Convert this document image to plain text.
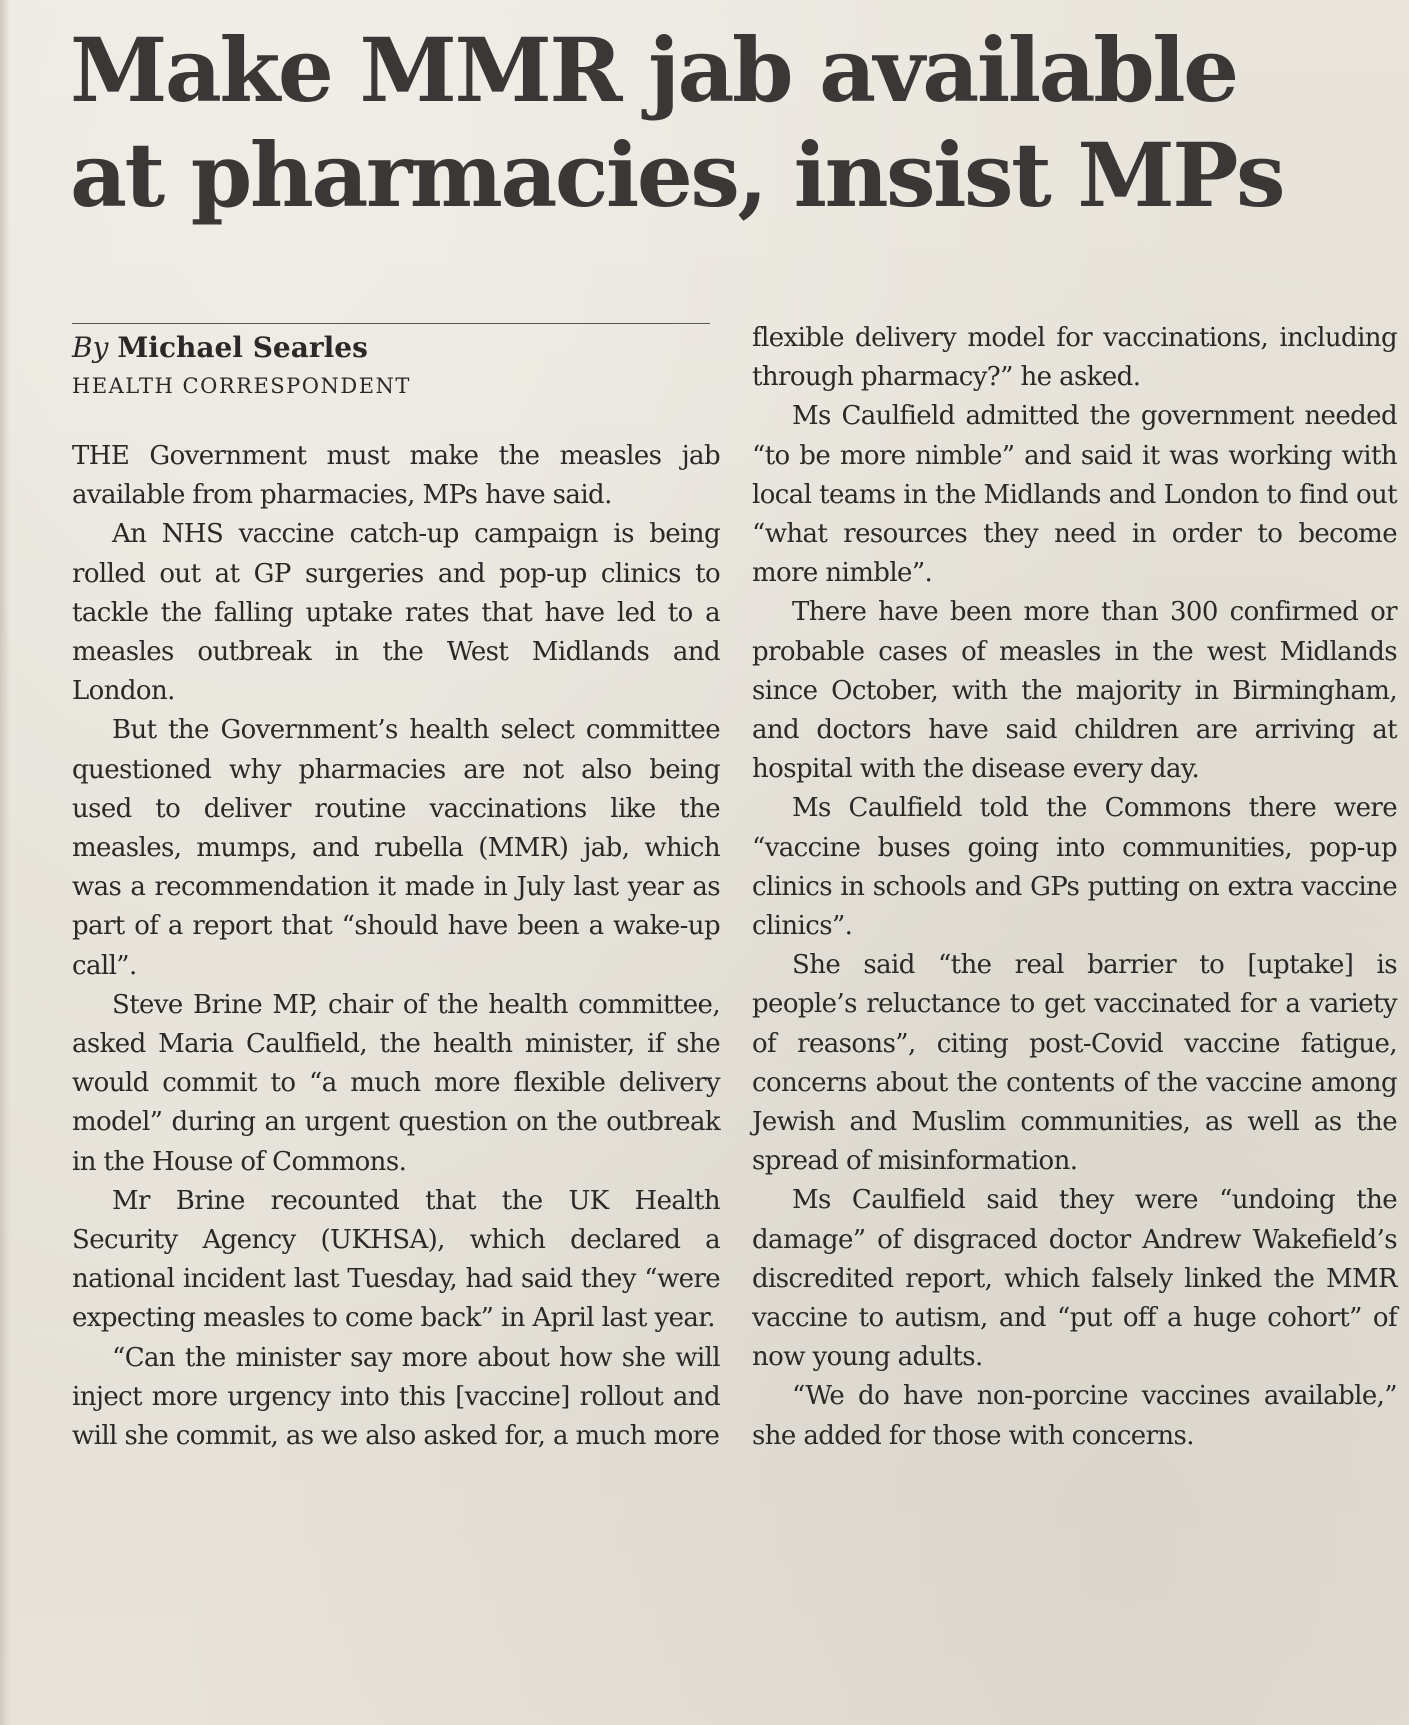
Make MMR jab available
at pharmacies, insist MPs
By Michael Searles
HEALTH CORRESPONDENT

THE Government must make the measles jab available from pharmacies, MPs have said.

An NHS vaccine catch-up campaign is being rolled out at GP surgeries and pop-up clinics to tackle the falling uptake rates that have led to a measles outbreak in the West Midlands and London.

But the Government’s health select committee questioned why pharmacies are not also being used to deliver routine vaccinations like the measles, mumps, and rubella (MMR) jab, which was a recommendation it made in July last year as part of a report that “should have been a wake-up call”.

Steve Brine MP, chair of the health committee, asked Maria Caulfield, the health minister, if she would commit to “a much more flexible delivery model” during an urgent question on the outbreak in the House of Commons.

Mr Brine recounted that the UK Health Security Agency (UKHSA), which declared a national incident last Tuesday, had said they “were expecting measles to come back” in April last year.

“Can the minister say more about how she will inject more urgency into this [vaccine] rollout and will she commit, as we also asked for, a much more

flexible delivery model for vaccinations, including through pharmacy?” he asked.

Ms Caulfield admitted the government needed “to be more nimble” and said it was working with local teams in the Midlands and London to find out “what resources they need in order to become more nimble”.

There have been more than 300 confirmed or probable cases of measles in the west Midlands since October, with the majority in Birmingham, and doctors have said children are arriving at hospital with the disease every day.

Ms Caulfield told the Commons there were “vaccine buses going into communities, pop-up clinics in schools and GPs putting on extra vaccine clinics”.

She said “the real barrier to [uptake] is people’s reluctance to get vaccinated for a variety of reasons”, citing post-Covid vaccine fatigue, concerns about the contents of the vaccine among Jewish and Muslim communities, as well as the spread of misinformation.

Ms Caulfield said they were “undoing the damage” of disgraced doctor Andrew Wakefield’s discredited report, which falsely linked the MMR vaccine to autism, and “put off a huge cohort” of now young adults.

“We do have non-porcine vaccines available,” she added for those with concerns.
